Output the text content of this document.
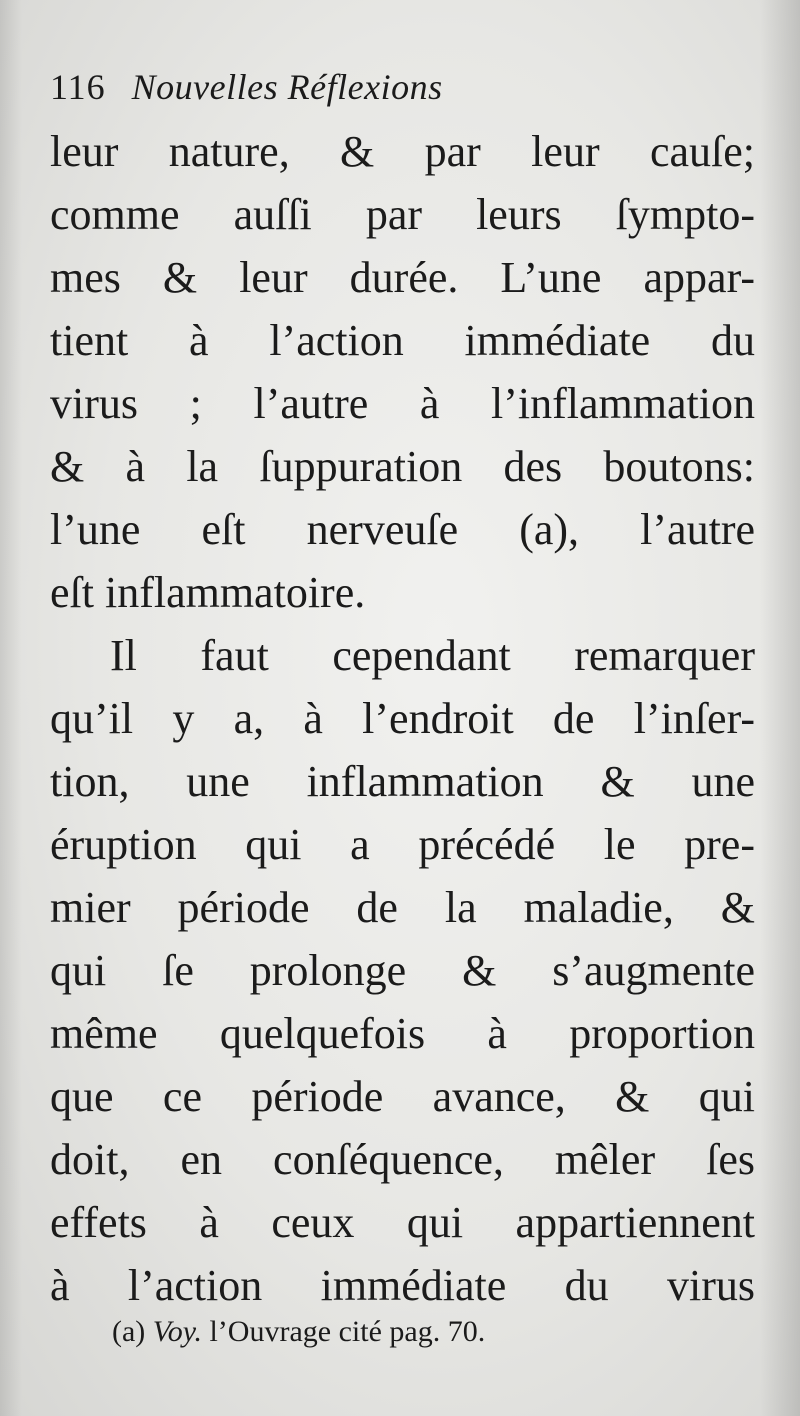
116 Nouvelles Réflexions
leur nature, & par leur cauſe;
comme auſſi par leurs ſympto-
mes & leur durée. L’une appar-
tient à l’action immédiate du
virus ; l’autre à l’inflammation
& à la ſuppuration des boutons:
l’une eſt nerveuſe (a), l’autre
eſt inflammatoire.
Il faut cependant remarquer
qu’il y a, à l’endroit de l’inſer-
tion, une inflammation & une
éruption qui a précédé le pre-
mier période de la maladie, &
qui ſe prolonge & s’augmente
même quelquefois à proportion
que ce période avance, & qui
doit, en conſéquence, mêler ſes
effets à ceux qui appartiennent
à l’action immédiate du virus
(a) Voy. l’Ouvrage cité pag. 70.
